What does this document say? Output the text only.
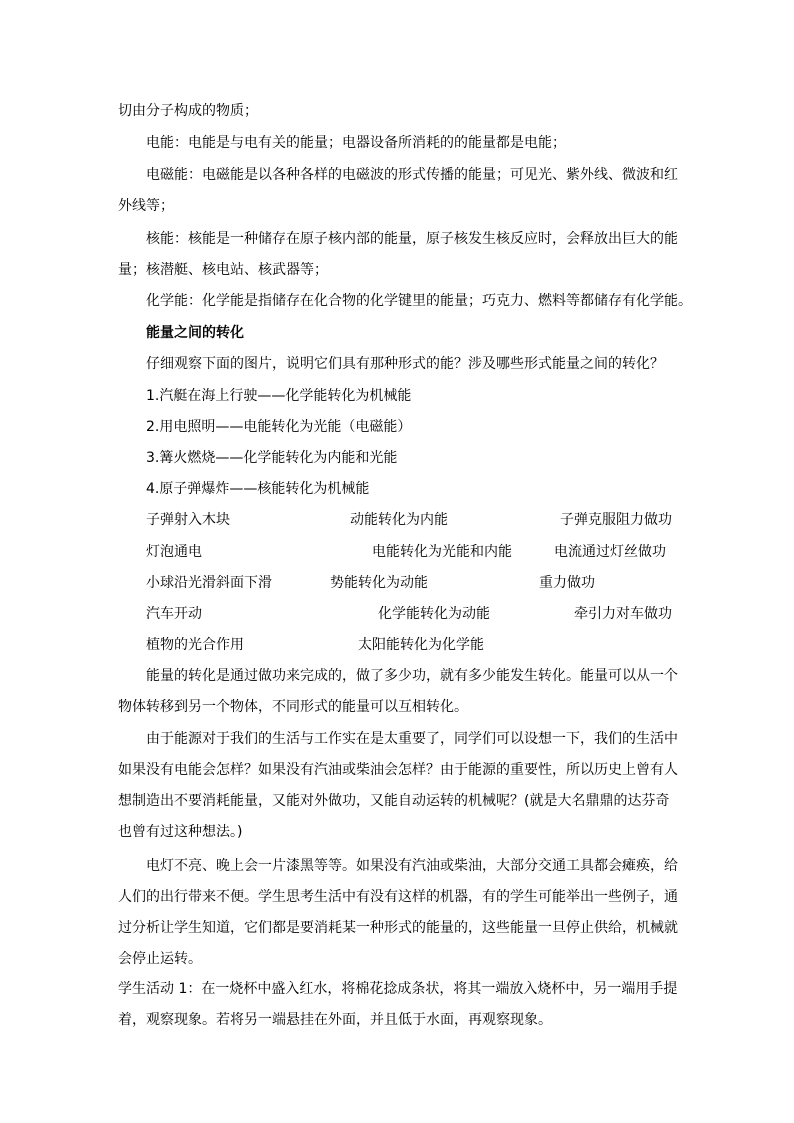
切由分子构成的物质；
电能：电能是与电有关的能量；电器设备所消耗的的能量都是电能；
电磁能：电磁能是以各种各样的电磁波的形式传播的能量；可见光、紫外线、微波和红
外线等；
核能：核能是一种储存在原子核内部的能量，原子核发生核反应时，会释放出巨大的能
量；核潜艇、核电站、核武器等；
化学能：化学能是指储存在化合物的化学键里的能量；巧克力、燃料等都储存有化学能。
能量之间的转化
仔细观察下面的图片，说明它们具有那种形式的能？涉及哪些形式能量之间的转化？
1.汽艇在海上行驶——化学能转化为机械能
2.用电照明——电能转化为光能（电磁能）
3.篝火燃烧——化学能转化为内能和光能
4.原子弹爆炸——核能转化为机械能
子弹射入木块	动能转化为内能	子弹克服阻力做功
灯泡通电	电能转化为光能和内能	电流通过灯丝做功
小球沿光滑斜面下滑	势能转化为动能	重力做功
汽车开动	化学能转化为动能	牵引力对车做功
植物的光合作用	太阳能转化为化学能
能量的转化是通过做功来完成的，做了多少功，就有多少能发生转化。能量可以从一个
物体转移到另一个物体，不同形式的能量可以互相转化。
由于能源对于我们的生活与工作实在是太重要了，同学们可以设想一下，我们的生活中
如果没有电能会怎样？如果没有汽油或柴油会怎样？由于能源的重要性，所以历史上曾有人
想制造出不要消耗能量，又能对外做功，又能自动运转的机械呢？(就是大名鼎鼎的达芬奇
也曾有过这种想法。)
电灯不亮、晚上会一片漆黑等等。如果没有汽油或柴油，大部分交通工具都会瘫痪，给
人们的出行带来不便。学生思考生活中有没有这样的机器，有的学生可能举出一些例子，通
过分析让学生知道，它们都是要消耗某一种形式的能量的，这些能量一旦停止供给，机械就
会停止运转。
学生活动 1：在一烧杯中盛入红水，将棉花捻成条状，将其一端放入烧杯中，另一端用手提
着，观察现象。若将另一端悬挂在外面，并且低于水面，再观察现象。
